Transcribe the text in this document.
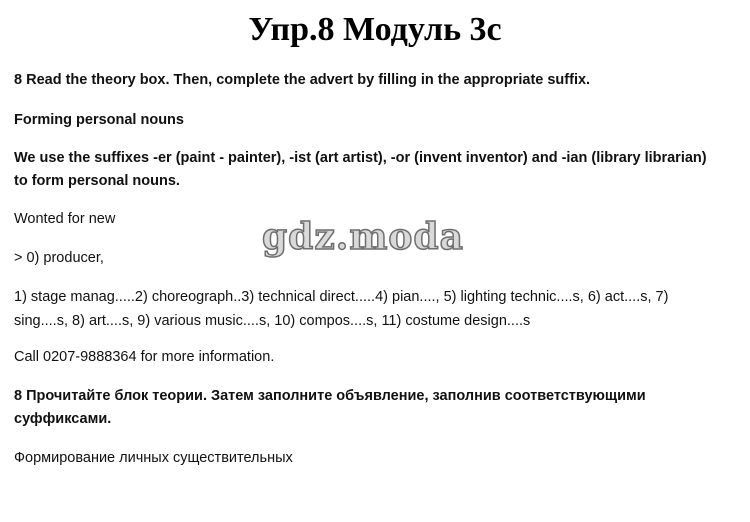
Упр.8 Модуль 3c
8 Read the theory box. Then, complete the advert by filling in the appropriate suffix.
Forming personal nouns
We use the suffixes -er (paint - painter), -ist (art artist), -or (invent inventor) and -ian (library librarian)
to form personal nouns.
Wonted for new
> 0) producer,
1) stage manag.....2) choreograph..3) technical direct.....4) pian...., 5) lighting technic....s, 6) act....s, 7)
sing....s, 8) art....s, 9) various music....s, 10) compos....s, 11) costume design....s
Call 0207-9888364 for more information.
8 Прочитайте блок теории. Затем заполните объявление, заполнив соответствующими
суффиксами.
Формирование личных существительных
gdz.moda
